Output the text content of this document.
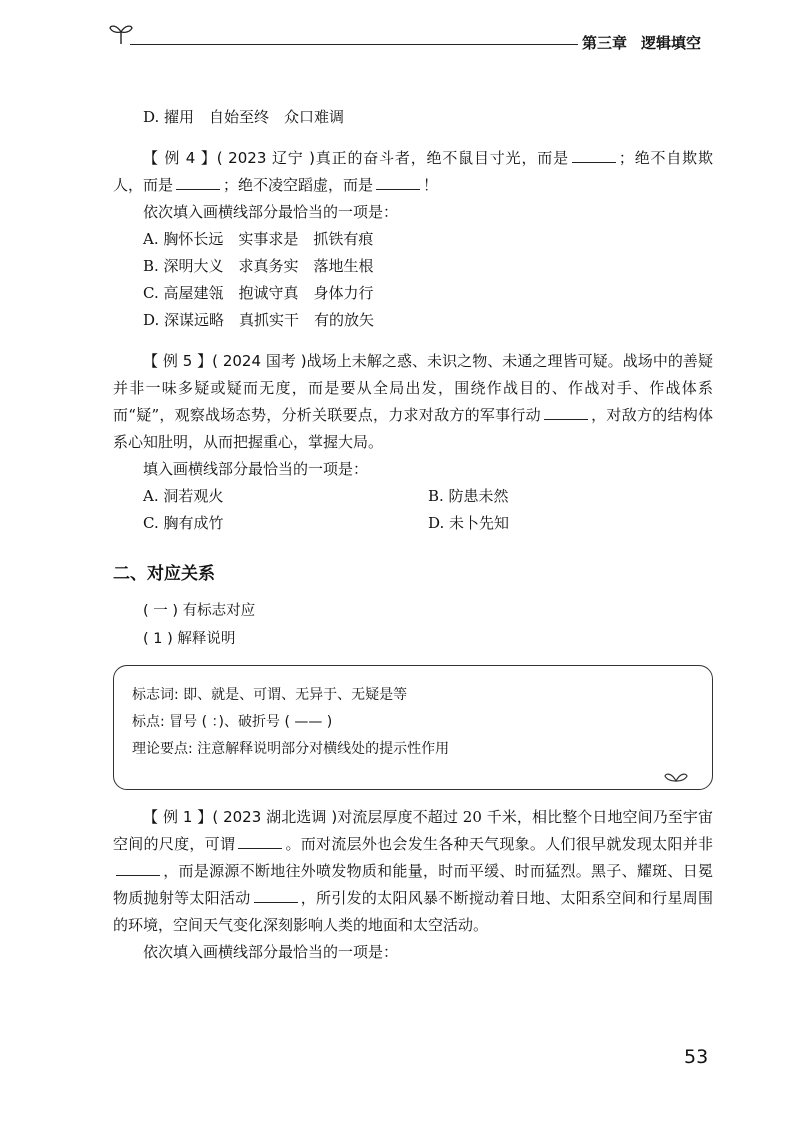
第三章 逻辑填空

D. 擢用　自始至终　众口难调

【 例 4 】( 2023 辽宁 )真正的奋斗者，绝不鼠目寸光，而是	；绝不自欺欺人，而是	；绝不凌空蹈虚，而是	！

依次填入画横线部分最恰当的一项是：

A. 胸怀长远　实事求是　抓铁有痕

B. 深明大义　求真务实　落地生根

C. 高屋建瓴　抱诚守真　身体力行

D. 深谋远略　真抓实干　有的放矢

【 例 5 】( 2024 国考 )战场上未解之惑、未识之物、未通之理皆可疑。战场中的善疑并非一味多疑或疑而无度，而是要从全局出发，围绕作战目的、作战对手、作战体系而“疑”，观察战场态势，分析关联要点，力求对敌方的军事行动	，对敌方的结构体系心知肚明，从而把握重心，掌握大局。

填入画横线部分最恰当的一项是：

A. 洞若观火	B. 防患未然
C. 胸有成竹	D. 未卜先知
二、对应关系
( 一 ) 有标志对应
( 1 ) 解释说明

标志词: 即、就是、可谓、无异于、无疑是等

标点: 冒号 ( ：)、破折号 ( —— )

理论要点: 注意解释说明部分对横线处的提示性作用

【 例 1 】( 2023 湖北选调 )对流层厚度不超过 20 千米，相比整个日地空间乃至宇宙空间的尺度，可谓	。而对流层外也会发生各种天气现象。人们很早就发现太阳并非，而是源源不断地往外喷发物质和能量，时而平缓、时而猛烈。黑子、耀斑、日冕物质抛射等太阳活动	，所引发的太阳风暴不断搅动着日地、太阳系空间和行星周围的环境，空间天气变化深刻影响人类的地面和太空活动。

依次填入画横线部分最恰当的一项是：

53
